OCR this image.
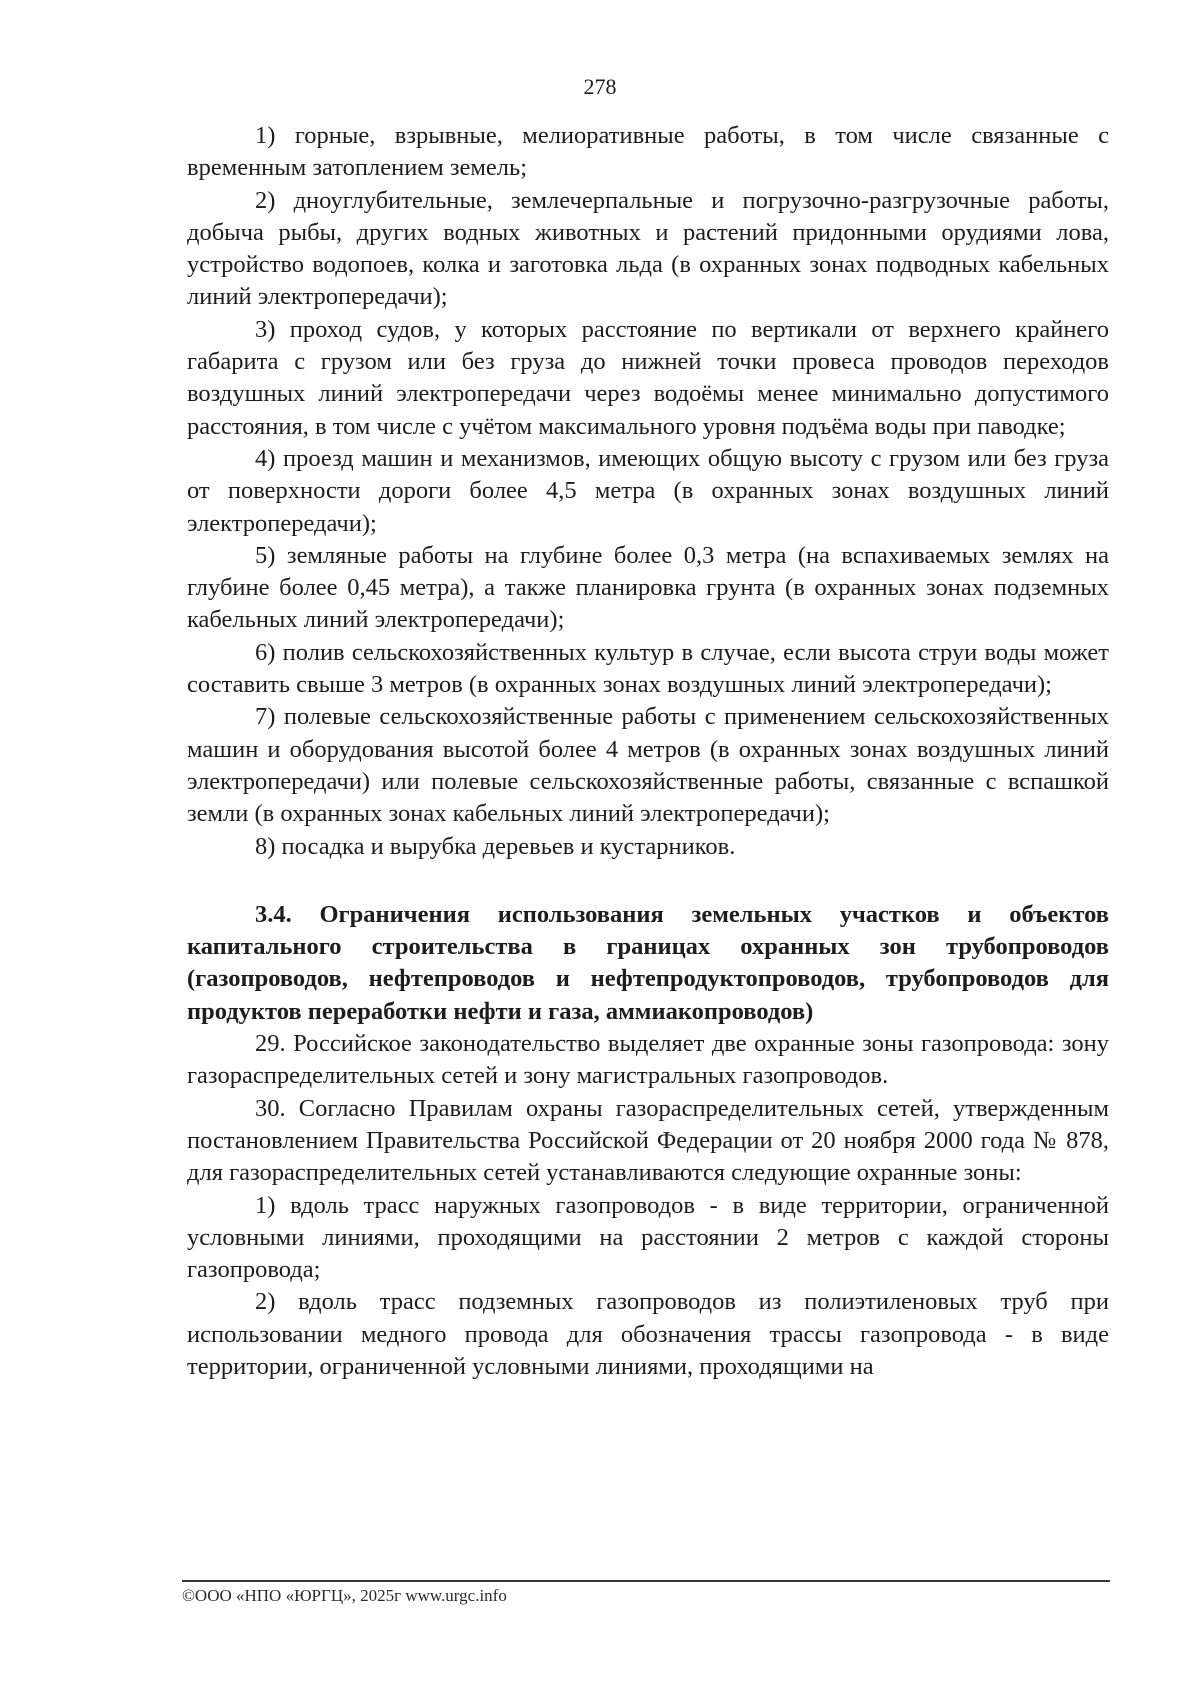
278

1) горные, взрывные, мелиоративные работы, в том числе связанные с временным затоплением земель;

2) дноуглубительные, землечерпальные и погрузочно-разгрузочные работы, добыча рыбы, других водных животных и растений придонными орудиями лова, устройство водопоев, колка и заготовка льда (в охранных зонах подводных кабельных линий электропередачи);

3) проход судов, у которых расстояние по вертикали от верхнего крайнего габарита с грузом или без груза до нижней точки провеса проводов переходов воздушных линий электропередачи через водоёмы менее минимально допустимого расстояния, в том числе с учётом максимального уровня подъёма воды при паводке;

4) проезд машин и механизмов, имеющих общую высоту с грузом или без груза от поверхности дороги более 4,5 метра (в охранных зонах воздушных линий электропередачи);

5) земляные работы на глубине более 0,3 метра (на вспахиваемых землях на глубине более 0,45 метра), а также планировка грунта (в охранных зонах подземных кабельных линий электропередачи);

6) полив сельскохозяйственных культур в случае, если высота струи воды может составить свыше 3 метров (в охранных зонах воздушных линий электропередачи);

7) полевые сельскохозяйственные работы с применением сельскохозяйственных машин и оборудования высотой более 4 метров (в охранных зонах воздушных линий электропередачи) или полевые сельскохозяйственные работы, связанные с вспашкой земли (в охранных зонах кабельных линий электропередачи);

8) посадка и вырубка деревьев и кустарников.

3.4. Ограничения использования земельных участков и объектов капитального строительства в границах охранных зон трубопроводов (газопроводов, нефтепроводов и нефтепродуктопроводов, трубопроводов для продуктов переработки нефти и газа, аммиакопроводов)

29. Российское законодательство выделяет две охранные зоны газопровода: зону газораспределительных сетей и зону магистральных газопроводов.

30. Согласно Правилам охраны газораспределительных сетей, утвержденным постановлением Правительства Российской Федерации от 20 ноября 2000 года № 878, для газораспределительных сетей устанавливаются следующие охранные зоны:

1) вдоль трасс наружных газопроводов - в виде территории, ограниченной условными линиями, проходящими на расстоянии 2 метров с каждой стороны газопровода;

2) вдоль трасс подземных газопроводов из полиэтиленовых труб при использовании медного провода для обозначения трассы газопровода - в виде территории, ограниченной условными линиями, проходящими на

©ООО «НПО «ЮРГЦ», 2025г www.urgc.info
